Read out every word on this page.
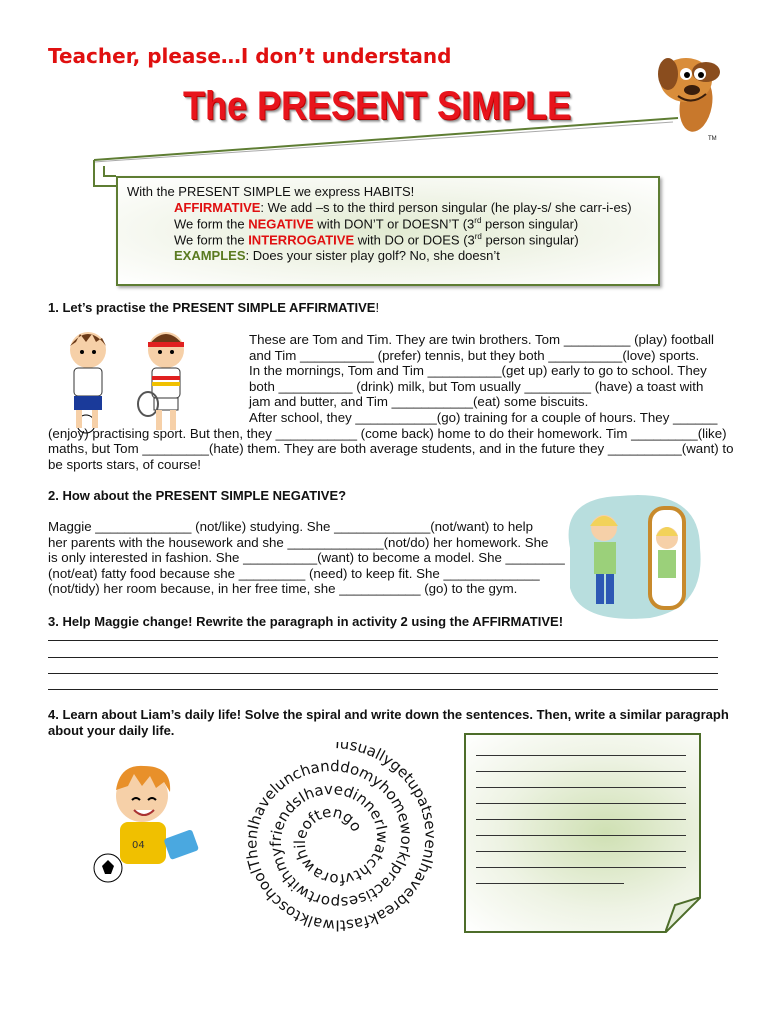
Teacher, please…I don’t understand
The PRESENT SIMPLE
TM
With the PRESENT SIMPLE we express HABITS!
AFFIRMATIVE: We add –s to the third person singular (he play-s/ she carr-i-es)
We form the NEGATIVE with DON’T or DOESN’T (3rd person singular)
We form the INTERROGATIVE with DO or DOES (3rd person singular)
EXAMPLES: Does your sister play golf? No, she doesn’t
1. Let’s practise the PRESENT SIMPLE AFFIRMATIVE!
These are Tom and Tim. They are twin brothers. Tom _________ (play) football
and Tim __________ (prefer) tennis, but they both __________(love) sports.
In the mornings, Tom and Tim __________(get up) early to go to school. They
both __________ (drink) milk, but Tom usually _________ (have) a toast with
jam and butter, and Tim ___________(eat) some biscuits.
After school, they ___________(go) training for a couple of hours. They ______
(enjoy) practising sport. But then, they ___________ (come back) home to do their homework. Tim _________(like)
maths, but Tom _________(hate) them. They are both average students, and in the future they __________(want) to
be sports stars, of course!
2. How about the PRESENT SIMPLE NEGATIVE?
Maggie _____________ (not/like) studying. She _____________(not/want) to help
her parents with the housework and she _____________(not/do) her homework. She
is only interested in fashion. She __________(want) to become a model. She ________
(not/eat) fatty food because she _________ (need) to keep fit. She _____________
(not/tidy) her room because, in her free time, she ___________ (go) to the gym.
3. Help Maggie change! Rewrite the paragraph in activity 2 using the AFFIRMATIVE!
4. Learn about Liam’s daily life! Solve the spiral and write down the sentences. Then, write a similar paragraph
about your daily life.
04
IusuallygetupatsevenIhavebreakfastIwalktoschoolThenIhavelunchanddomyhomeworkIpractisesportwithmyfriendsIhavedinnerIwatchtvforawhileoftengo
